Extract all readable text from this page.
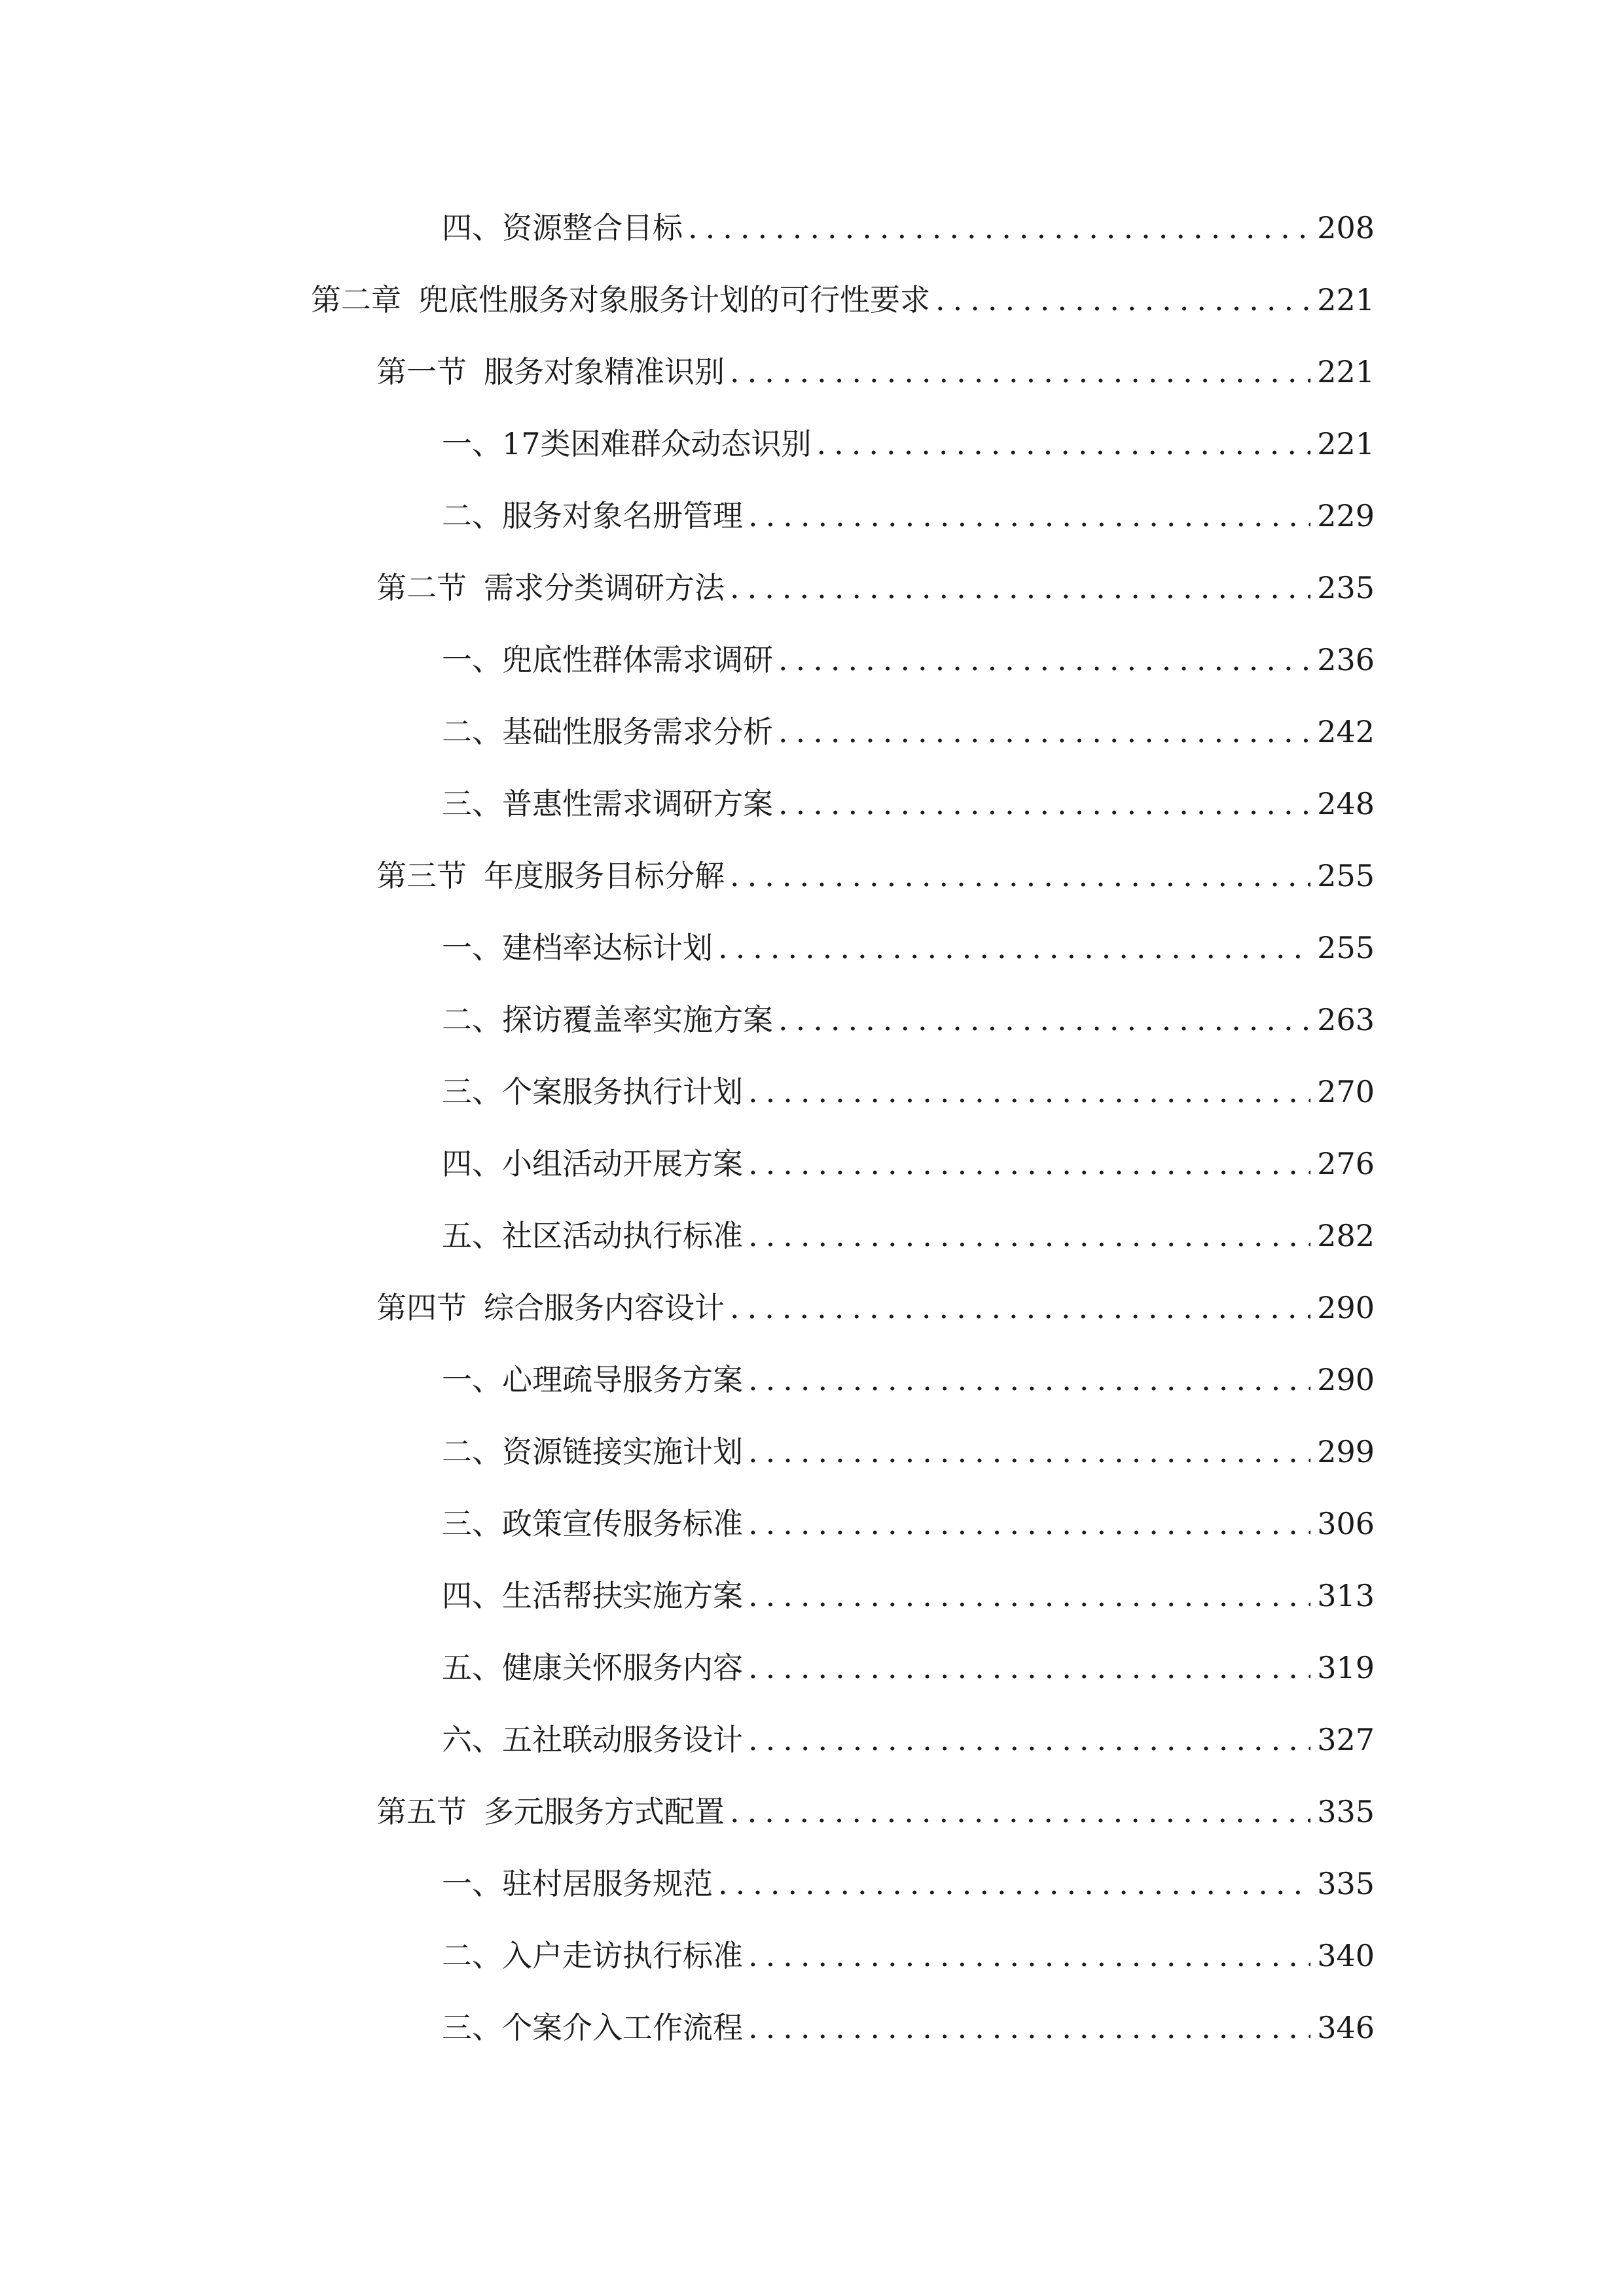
四、 资源整合目标 .....	208
第二章 兜底性服务对象服务计划的可行性要求 .....	221
第一节 服务对象精准识别 .....	221
一、 17类困难群众动态识别 .....	221
二、 服务对象名册管理 .....	229
第二节 需求分类调研方法 .....	235
一、 兜底性群体需求调研 .....	236
二、 基础性服务需求分析 .....	242
三、 普惠性需求调研方案 .....	248
第三节 年度服务目标分解 .....	255
一、 建档率达标计划 .....	255
二、 探访覆盖率实施方案 .....	263
三、 个案服务执行计划 .....	270
四、 小组活动开展方案 .....	276
五、 社区活动执行标准 .....	282
第四节 综合服务内容设计 .....	290
一、 心理疏导服务方案 .....	290
二、 资源链接实施计划 .....	299
三、 政策宣传服务标准 .....	306
四、 生活帮扶实施方案 .....	313
五、 健康关怀服务内容 .....	319
六、 五社联动服务设计 .....	327
第五节 多元服务方式配置 .....	335
一、 驻村居服务规范 .....	335
二、 入户走访执行标准 .....	340
三、 个案介入工作流程 .....	346
